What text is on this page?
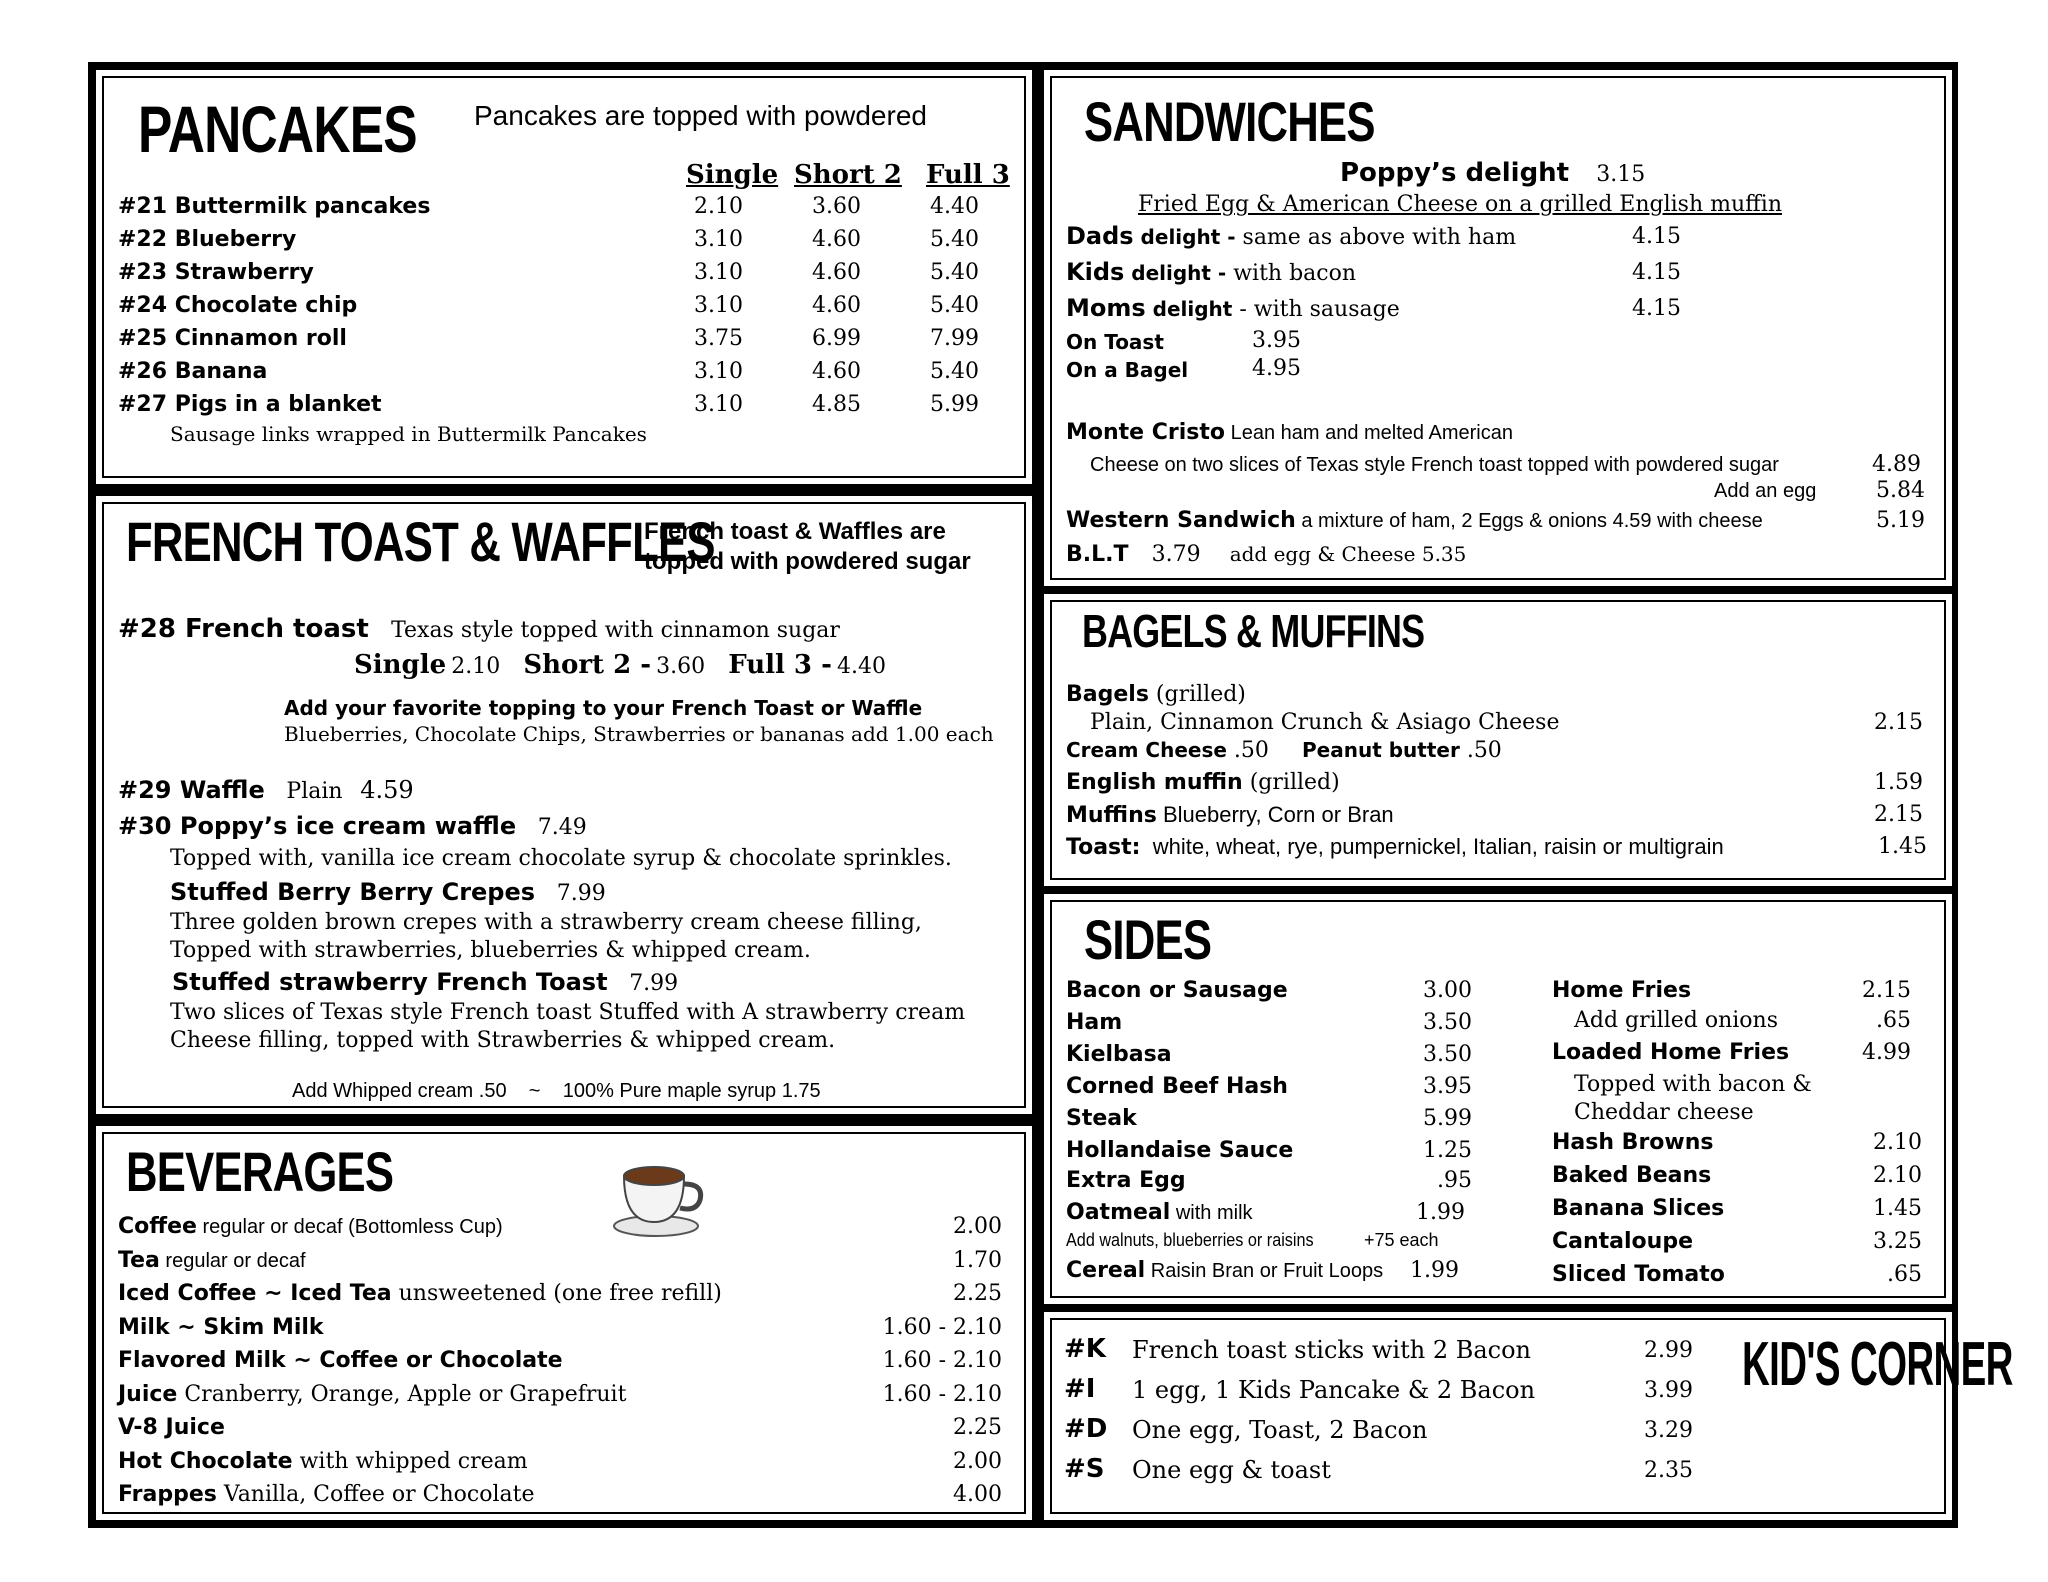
PANCAKES Pancakes are topped with powdered
Single Short 2 Full 3
#21 Buttermilk pancakes	2.10	3.60	4.40
#22 Blueberry	3.10	4.60	5.40
#23 Strawberry	3.10	4.60	5.40
#24 Chocolate chip	3.10	4.60	5.40
#25 Cinnamon roll	3.75	6.99	7.99
#26 Banana	3.10	4.60	5.40
#27 Pigs in a blanket	3.10	4.85	5.99
Sausage links wrapped in Buttermilk Pancakes
FRENCH TOAST & WAFFLES
French toast & Waffles are
topped with powdered sugar
#28 French toast Texas style topped with cinnamon sugar
Single 2.10 Short 2 - 3.60 Full 3 - 4.40
Add your favorite topping to your French Toast or Waffle
Blueberries, Chocolate Chips, Strawberries or bananas add 1.00 each
#29 Waffle Plain 4.59
#30 Poppy’s ice cream waffle 7.49
Topped with, vanilla ice cream chocolate syrup & chocolate sprinkles.
Stuffed Berry Berry Crepes 7.99
Three golden brown crepes with a strawberry cream cheese filling,
Topped with strawberries, blueberries & whipped cream.
Stuffed strawberry French Toast 7.99
Two slices of Texas style French toast Stuffed with A strawberry cream
Cheese filling, topped with Strawberries & whipped cream.
Add Whipped cream .50    ~    100% Pure maple syrup 1.75
BEVERAGES
Coffee regular or decaf (Bottomless Cup)	2.00
Tea regular or decaf	1.70
Iced Coffee ~ Iced Tea unsweetened (one free refill)	2.25
Milk ~ Skim Milk	1.60 - 2.10
Flavored Milk ~ Coffee or Chocolate	1.60 - 2.10
Juice Cranberry, Orange, Apple or Grapefruit	1.60 - 2.10
V-8 Juice	2.25
Hot Chocolate with whipped cream	2.00
Frappes Vanilla, Coffee or Chocolate	4.00
SANDWICHES
Poppy’s delight 3.15
Fried Egg & American Cheese on a grilled English muffin
Dads delight - same as above with ham	4.15
Kids delight - with bacon	4.15
Moms delight - with sausage	4.15
On Toast	3.95
On a Bagel	4.95
Monte Cristo Lean ham and melted American
Cheese on two slices of Texas style French toast topped with powdered sugar	4.89
Add an egg	5.84
Western Sandwich a mixture of ham, 2 Eggs & onions 4.59 with cheese	5.19
B.L.T 3.79 add egg & Cheese 5.35
BAGELS & MUFFINS
Bagels (grilled)
Plain, Cinnamon Crunch & Asiago Cheese	2.15
Cream Cheese .50 Peanut butter .50
English muffin (grilled)	1.59
Muffins Blueberry, Corn or Bran	2.15
Toast:  white, wheat, rye, pumpernickel, Italian, raisin or multigrain	1.45
SIDES
Bacon or Sausage	3.00
Ham	3.50
Kielbasa	3.50
Corned Beef Hash	3.95
Steak	5.99
Hollandaise Sauce	1.25
Extra Egg	.95
Oatmeal with milk	1.99
Add walnuts, blueberries or raisins	+75 each
Cereal Raisin Bran or Fruit Loops 1.99
Home Fries	2.15
Add grilled onions	.65
Loaded Home Fries	4.99
Topped with bacon &
Cheddar cheese
Hash Browns	2.10
Baked Beans	2.10
Banana Slices	1.45
Cantaloupe	3.25
Sliced Tomato	.65
#K French toast sticks with 2 Bacon	2.99
#I 1 egg, 1 Kids Pancake & 2 Bacon	3.99
#D One egg, Toast, 2 Bacon	3.29
#S One egg & toast	2.35
KID'S CORNER
